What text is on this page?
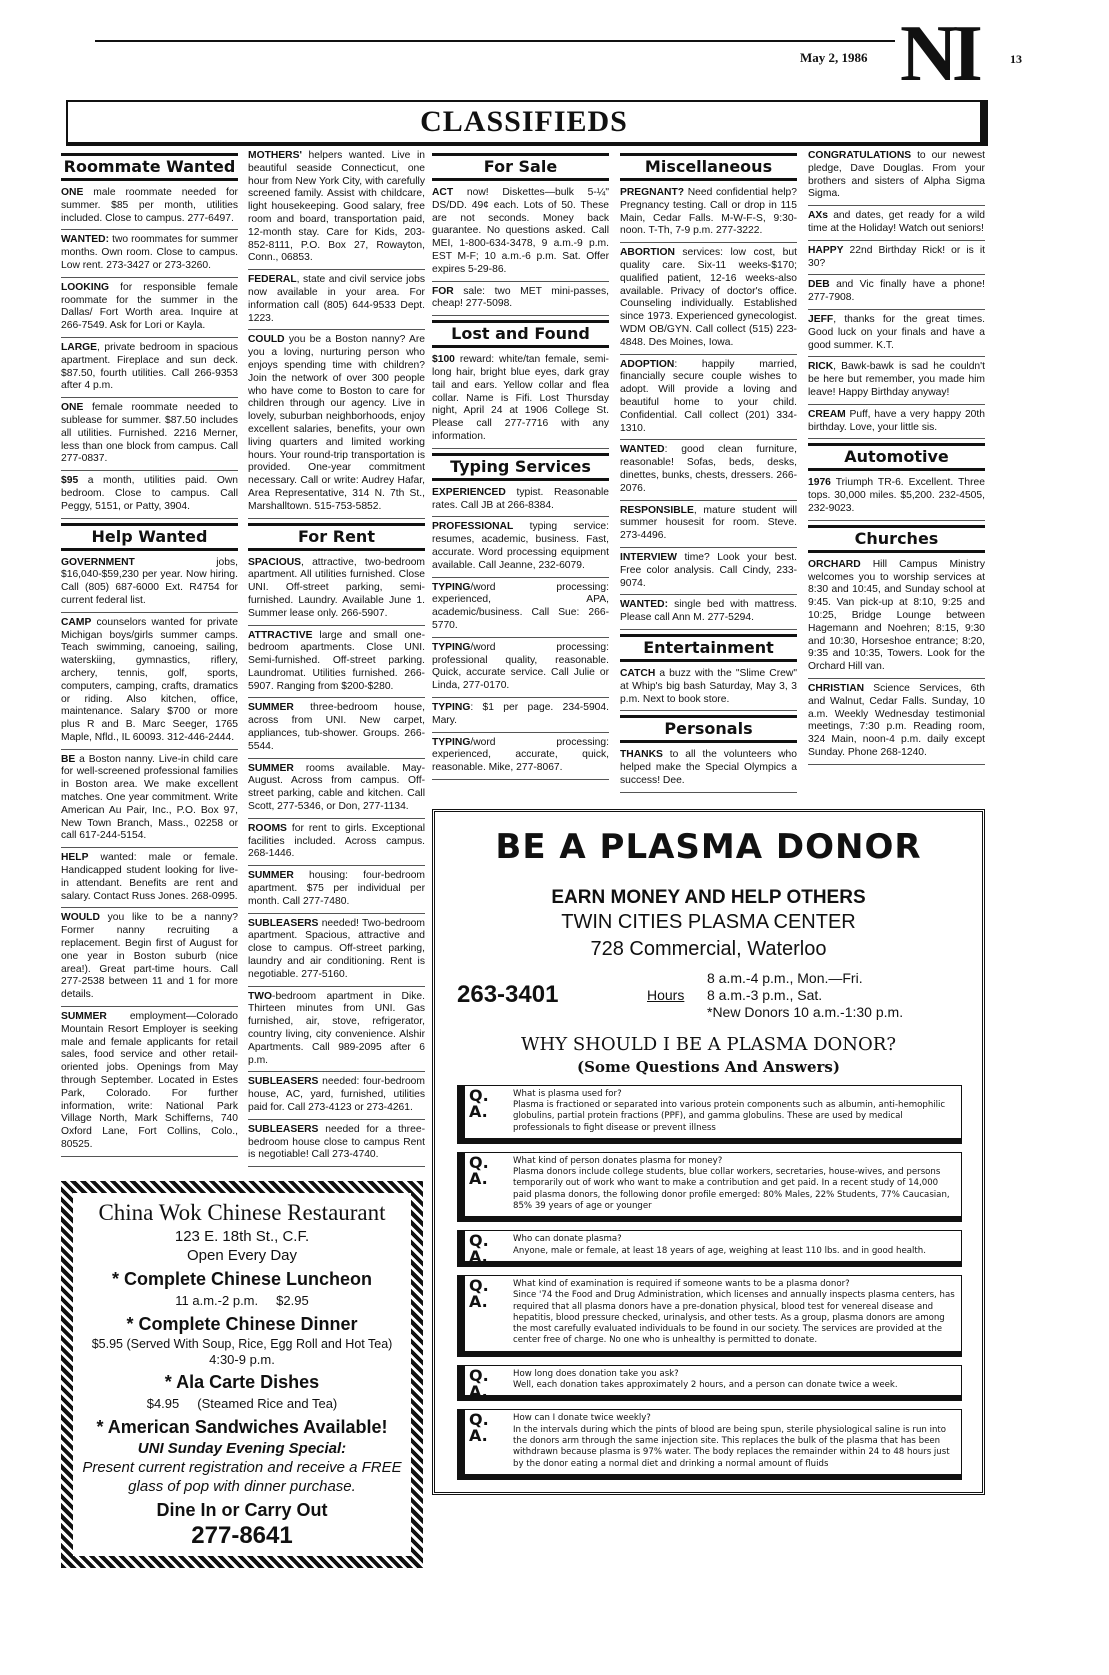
May 2, 1986 NI	13
CLASSIFIEDS
Roommate Wanted
ONE male roommate needed for summer. $85 per month, utilities included. Close to campus. 277-6497.
WANTED: two roommates for summer months. Own room. Close to campus. Low rent. 273-3427 or 273-3260.
LOOKING for responsible female roommate for the summer in the Dallas/ Fort Worth area. Inquire at 266-7549. Ask for Lori or Kayla.
LARGE, private bedroom in spacious apartment. Fireplace and sun deck. $87.50, fourth utilities. Call 266-9353 after 4 p.m.
ONE female roommate needed to sublease for summer. $87.50 includes all utilities. Furnished. 2216 Merner, less than one block from campus. Call 277-0837.
$95 a month, utilities paid. Own bedroom. Close to campus. Call Peggy, 5151, or Patty, 3904.
Help Wanted
GOVERNMENT jobs, $16,040-$59,230 per year. Now hiring. Call (805) 687-6000 Ext. R4754 for current federal list.
CAMP counselors wanted for private Michigan boys/girls summer camps. Teach swimming, canoeing, sailing, waterskiing, gymnastics, riflery, archery, tennis, golf, sports, computers, camping, crafts, dramatics or riding. Also kitchen, office, maintenance. Salary $700 or more plus R and B. Marc Seeger, 1765 Maple, Nfld., IL 60093. 312-446-2444.
BE a Boston nanny. Live-in child care for well-screened professional families in Boston area. We make excellent matches. One year commitment. Write American Au Pair, Inc., P.O. Box 97, New Town Branch, Mass., 02258 or call 617-244-5154.
HELP wanted: male or female. Handicapped student looking for live-in attendant. Benefits are rent and salary. Contact Russ Jones. 268-0995.
WOULD you like to be a nanny? Former nanny recruiting a replacement. Begin first of August for one year in Boston suburb (nice area!). Great part-time hours. Call 277-2538 between 11 and 1 for more details.
SUMMER employment—Colorado Mountain Resort Employer is seeking male and female applicants for retail sales, food service and other retail-oriented jobs. Openings from May through September. Located in Estes Park, Colorado. For further information, write: National Park Village North, Mark Schifferns, 740 Oxford Lane, Fort Collins, Colo., 80525.
MOTHERS' helpers wanted. Live in beautiful seaside Connecticut, one hour from New York City, with carefully screened family. Assist with childcare, light housekeeping. Good salary, free room and board, transportation paid, 12-month stay. Care for Kids, 203-852-8111, P.O. Box 27, Rowayton, Conn., 06853.
FEDERAL, state and civil service jobs now available in your area. For information call (805) 644-9533 Dept. 1223.
COULD you be a Boston nanny? Are you a loving, nurturing person who enjoys spending time with children? Join the network of over 300 people who have come to Boston to care for children through our agency. Live in lovely, suburban neighborhoods, enjoy excellent salaries, benefits, your own living quarters and limited working hours. Your round-trip transportation is provided. One-year commitment necessary. Call or write: Audrey Hafar, Area Representative, 314 N. 7th St., Marshalltown. 515-753-5852.
For Rent
SPACIOUS, attractive, two-bedroom apartment. All utilities furnished. Close UNI. Off-street parking, semi-furnished. Laundry. Available June 1. Summer lease only. 266-5907.
ATTRACTIVE large and small one-bedroom apartments. Close UNI. Semi-furnished. Off-street parking. Laundromat. Utilities furnished. 266-5907. Ranging from $200-$280.
SUMMER three-bedroom house, across from UNI. New carpet, appliances, tub-shower. Groups. 266-5544.
SUMMER rooms available. May-August. Across from campus. Off-street parking, cable and kitchen. Call Scott, 277-5346, or Don, 277-1134.
ROOMS for rent to girls. Exceptional facilities included. Across campus. 268-1446.
SUMMER housing: four-bedroom apartment. $75 per individual per month. Call 277-7480.
SUBLEASERS needed! Two-bedroom apartment. Spacious, attractive and close to campus. Off-street parking, laundry and air conditioning. Rent is negotiable. 277-5160.
TWO-bedroom apartment in Dike. Thirteen minutes from UNI. Gas furnished, air, stove, refrigerator, country living, city convenience. Alshir Apartments. Call 989-2095 after 6 p.m.
SUBLEASERS needed: four-bedroom house, AC, yard, furnished, utilities paid for. Call 273-4123 or 273-4261.
SUBLEASERS needed for a three-bedroom house close to campus Rent is negotiable! Call 273-4740.
China Wok Chinese Restaurant
123 E. 18th St., C.F.
Open Every Day
* Complete Chinese Luncheon
11 a.m.-2 p.m.     $2.95
* Complete Chinese Dinner
$5.95 (Served With Soup, Rice, Egg Roll and Hot Tea)
4:30-9 p.m.
* Ala Carte Dishes
$4.95     (Steamed Rice and Tea)
* American Sandwiches Available!
UNI Sunday Evening Special:
Present current registration and receive a FREE glass of pop with dinner purchase.
Dine In or Carry Out
277-8641
For Sale
ACT now! Diskettes—bulk 5-¼" DS/DD. 49¢ each. Lots of 50. These are not seconds. Money back guarantee. No questions asked. Call MEI, 1-800-634-3478, 9 a.m.-9 p.m. EST M-F; 10 a.m.-6 p.m. Sat. Offer expires 5-29-86.
FOR sale: two MET mini-passes, cheap! 277-5098.
Lost and Found
$100 reward: white/tan female, semi-long hair, bright blue eyes, dark gray tail and ears. Yellow collar and flea collar. Name is Fifi. Lost Thursday night, April 24 at 1906 College St. Please call 277-7716 with any information.
Typing Services
EXPERIENCED typist. Reasonable rates. Call JB at 266-8384.
PROFESSIONAL typing service: resumes, academic, business. Fast, accurate. Word processing equipment available. Call Jeanne, 232-6079.
TYPING/word processing: experienced, APA, academic/business. Call Sue: 266-5770.
TYPING/word processing: professional quality, reasonable. Quick, accurate service. Call Julie or Linda, 277-0170.
TYPING: $1 per page. 234-5904. Mary.
TYPING/word processing: experienced, accurate, quick, reasonable. Mike, 277-8067.
Miscellaneous
PREGNANT? Need confidential help? Pregnancy testing. Call or drop in 115 Main, Cedar Falls. M-W-F-S, 9:30-noon. T-Th, 7-9 p.m. 277-3222.
ABORTION services: low cost, but quality care. Six-11 weeks-$170; qualified patient, 12-16 weeks-also available. Privacy of doctor's office. Counseling individually. Established since 1973. Experienced gynecologist. WDM OB/GYN. Call collect (515) 223-4848. Des Moines, Iowa.
ADOPTION: happily married, financially secure couple wishes to adopt. Will provide a loving and beautiful home to your child. Confidential. Call collect (201) 334-1310.
WANTED: good clean furniture, reasonable! Sofas, beds, desks, dinettes, bunks, chests, dressers. 266-2076.
RESPONSIBLE, mature student will summer housesit for room. Steve. 273-4496.
INTERVIEW time? Look your best. Free color analysis. Call Cindy, 233-9074.
WANTED: single bed with mattress. Please call Ann M. 277-5294.
Entertainment
CATCH a buzz with the "Slime Crew" at Whip's big bash Saturday, May 3, 3 p.m. Next to book store.
Personals
THANKS to all the volunteers who helped make the Special Olympics a success! Dee.
CONGRATULATIONS to our newest pledge, Dave Douglas. From your brothers and sisters of Alpha Sigma Sigma.
AXs and dates, get ready for a wild time at the Holiday! Watch out seniors!
HAPPY 22nd Birthday Rick! or is it 30?
DEB and Vic finally have a phone! 277-7908.
JEFF, thanks for the great times. Good luck on your finals and have a good summer. K.T.
RICK, Bawk-bawk is sad he couldn't be here but remember, you made him leave! Happy Birthday anyway!
CREAM Puff, have a very happy 20th birthday. Love, your little sis.
Automotive
1976 Triumph TR-6. Excellent. Three tops. 30,000 miles. $5,200. 232-4505, 232-9023.
Churches
ORCHARD Hill Campus Ministry welcomes you to worship services at 8:30 and 10:45, and Sunday school at 9:45. Van pick-up at 8:10, 9:25 and 10:25, Bridge Lounge between Hagemann and Noehren; 8:15, 9:30 and 10:30, Horseshoe entrance; 8:20, 9:35 and 10:35, Towers. Look for the Orchard Hill van.
CHRISTIAN Science Services, 6th and Walnut, Cedar Falls. Sunday, 10 a.m. Weekly Wednesday testimonial meetings, 7:30 p.m. Reading room, 324 Main, noon-4 p.m. daily except Sunday. Phone 268-1240.
BE A PLASMA DONOR
EARN MONEY AND HELP OTHERS
TWIN CITIES PLASMA CENTER
728 Commercial, Waterloo
263-3401	Hours
8 a.m.-4 p.m., Mon.—Fri.
8 a.m.-3 p.m., Sat.
*New Donors 10 a.m.-1:30 p.m.
WHY SHOULD I BE A PLASMA DONOR?
(Some Questions And Answers)
Q.
A.
What is plasma used for?
Plasma is fractioned or separated into various protein components such as albumin, anti-hemophilic globulins, partial protein fractions (PPF), and gamma globulins. These are used by medical professionals to fight disease or prevent illness
Q.
A.
What kind of person donates plasma for money?
Plasma donors include college students, blue collar workers, secretaries, house-wives, and persons temporarily out of work who want to make a contribution and get paid. In a recent study of 14,000 paid plasma donors, the following donor profile emerged: 80% Males, 22% Students, 77% Caucasian, 85% 39 years of age or younger
Q.
A.
Who can donate plasma?
Anyone, male or female, at least 18 years of age, weighing at least 110 lbs. and in good health.
Q.
A.
What kind of examination is required if someone wants to be a plasma donor?
Since '74 the Food and Drug Administration, which licenses and annually inspects plasma centers, has required that all plasma donors have a pre-donation physical, blood test for venereal disease and hepatitis, blood pressure checked, urinalysis, and other tests. As a group, plasma donors are among the most carefully evaluated individuals to be found in our society. The services are provided at the center free of charge. No one who is unhealthy is permitted to donate.
Q.
A.
How long does donation take you ask?
Well, each donation takes approximately 2 hours, and a person can donate twice a week.
Q.
A.
How can I donate twice weekly?
In the intervals during which the pints of blood are being spun, sterile physiological saline is run into the donors arm through the same injection site. This replaces the bulk of the plasma that has been withdrawn because plasma is 97% water. The body replaces the remainder within 24 to 48 hours just by the donor eating a normal diet and drinking a normal amount of fluids
